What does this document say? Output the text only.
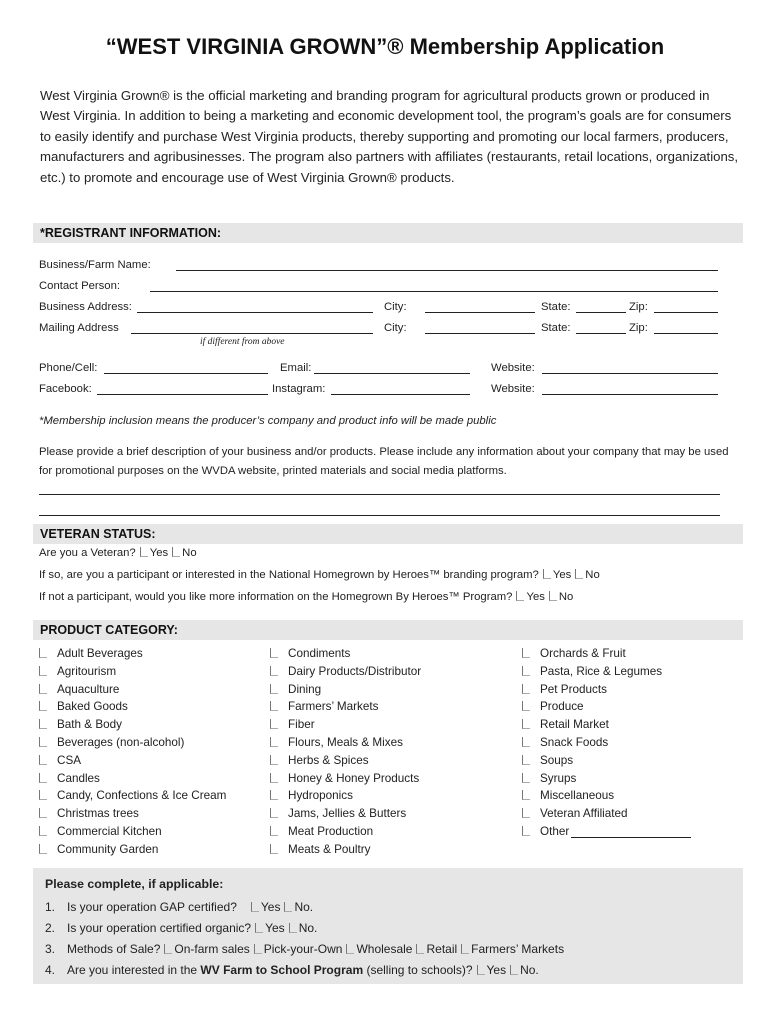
“WEST VIRGINIA GROWN”® Membership Application

West Virginia Grown® is the official marketing and branding program for agricultural products grown or produced in West Virginia. In addition to being a marketing and economic development tool, the program’s goals are for consumers to easily identify and purchase West Virginia products, thereby supporting and promoting our local farmers, producers, manufacturers and agribusinesses. The program also partners with affiliates (restaurants, retail locations, organizations, etc.) to promote and encourage use of West Virginia Grown® products.

*REGISTRANT INFORMATION:
Business/Farm Name:
Contact Person:
Business Address:	City:	State:	Zip:
Mailing Address
if different from above
City:	State:	Zip:
Phone/Cell:	Email:	Website:
Facebook:	Instagram:	Website:
*Membership inclusion means the producer’s company and product info will be made public
Please provide a brief description of your business and/or products. Please include any information about your company that may be used for promotional purposes on the WVDA website, printed materials and social media platforms.
VETERAN STATUS:
Are you a Veteran? Yes No
If so, are you a participant or interested in the National Homegrown by Heroes™ branding program? Yes No
If not a participant, would you like more information on the Homegrown By Heroes™ Program? Yes No
PRODUCT CATEGORY:
Adult Beverages
Agritourism
Aquaculture
Baked Goods
Bath & Body
Beverages (non-alcohol)
CSA
Candles
Candy, Confections & Ice Cream
Christmas trees
Commercial Kitchen
Community Garden
Condiments
Dairy Products/Distributor
Dining
Farmers’ Markets
Fiber
Flours, Meals & Mixes
Herbs & Spices
Honey & Honey Products
Hydroponics
Jams, Jellies & Butters
Meat Production
Meats & Poultry
Orchards & Fruit
Pasta, Rice & Legumes
Pet Products
Produce
Retail Market
Snack Foods
Soups
Syrups
Miscellaneous
Veteran Affiliated
Other
Please complete, if applicable:
1. Is your operation GAP certified? Yes No.
2. Is your operation certified organic? Yes No.
3. Methods of Sale? On-farm sales Pick-your-Own Wholesale Retail Farmers’ Markets
4. Are you interested in the WV Farm to School Program (selling to schools)? Yes No.
